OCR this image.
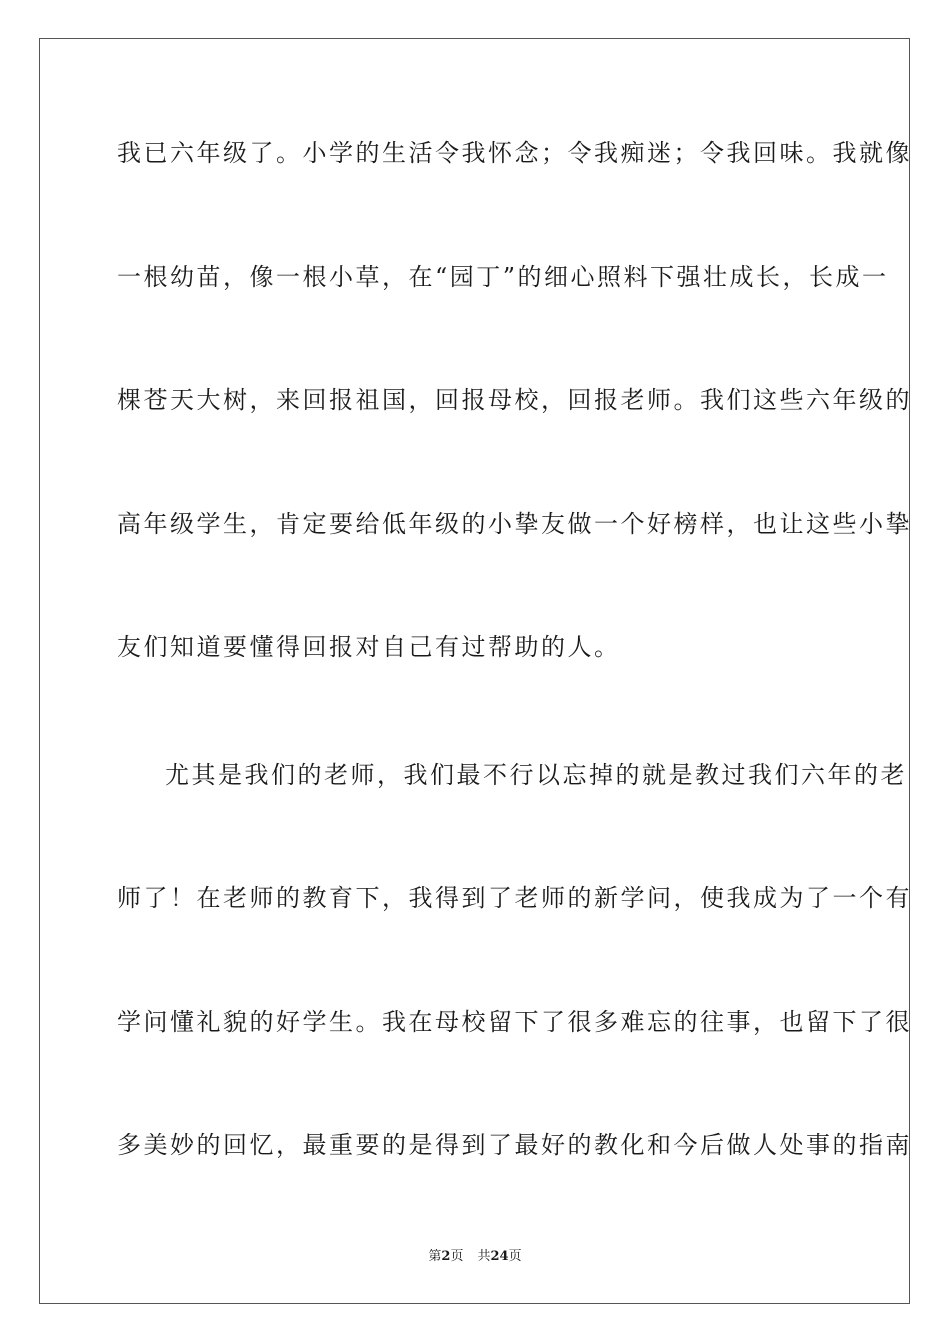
我已六年级了。小学的生活令我怀念；令我痴迷；令我回味。我就像
一根幼苗，像一根小草，在“园丁”的细心照料下强壮成长，长成一
棵苍天大树，来回报祖国，回报母校，回报老师。我们这些六年级的
高年级学生，肯定要给低年级的小挚友做一个好榜样，也让这些小挚
友们知道要懂得回报对自己有过帮助的人。
尤其是我们的老师，我们最不行以忘掉的就是教过我们六年的老
师了！在老师的教育下，我得到了老师的新学问，使我成为了一个有
学问懂礼貌的好学生。我在母校留下了很多难忘的往事，也留下了很
多美妙的回忆，最重要的是得到了最好的教化和今后做人处事的指南
第2页 共24页
